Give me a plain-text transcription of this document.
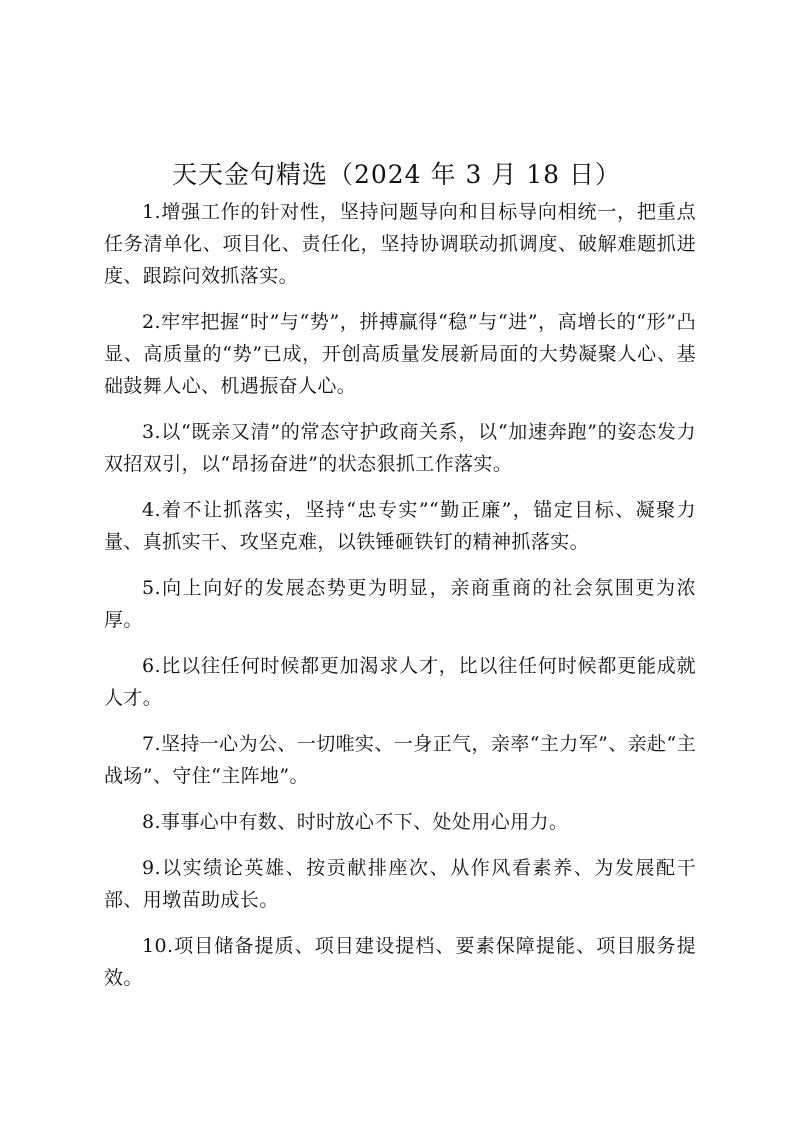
天天金句精选（2024 年 3 月 18 日）

1.增强工作的针对性，坚持问题导向和目标导向相统一，把重点任务清单化、项目化、责任化，坚持协调联动抓调度、破解难题抓进度、跟踪问效抓落实。

2.牢牢把握“时”与“势”，拼搏赢得“稳”与“进”，高增长的“形”凸显、高质量的“势”已成，开创高质量发展新局面的大势凝聚人心、基础鼓舞人心、机遇振奋人心。

3.以“既亲又清”的常态守护政商关系，以“加速奔跑”的姿态发力双招双引，以“昂扬奋进”的状态狠抓工作落实。

4.着不让抓落实，坚持“忠专实”“勤正廉”，锚定目标、凝聚力量、真抓实干、攻坚克难，以铁锤砸铁钉的精神抓落实。

5.向上向好的发展态势更为明显，亲商重商的社会氛围更为浓厚。

6.比以往任何时候都更加渴求人才，比以往任何时候都更能成就人才。

7.坚持一心为公、一切唯实、一身正气，亲率“主力军”、亲赴“主战场”、守住“主阵地”。

8.事事心中有数、时时放心不下、处处用心用力。

9.以实绩论英雄、按贡献排座次、从作风看素养、为发展配干部、用墩苗助成长。

10.项目储备提质、项目建设提档、要素保障提能、项目服务提效。
